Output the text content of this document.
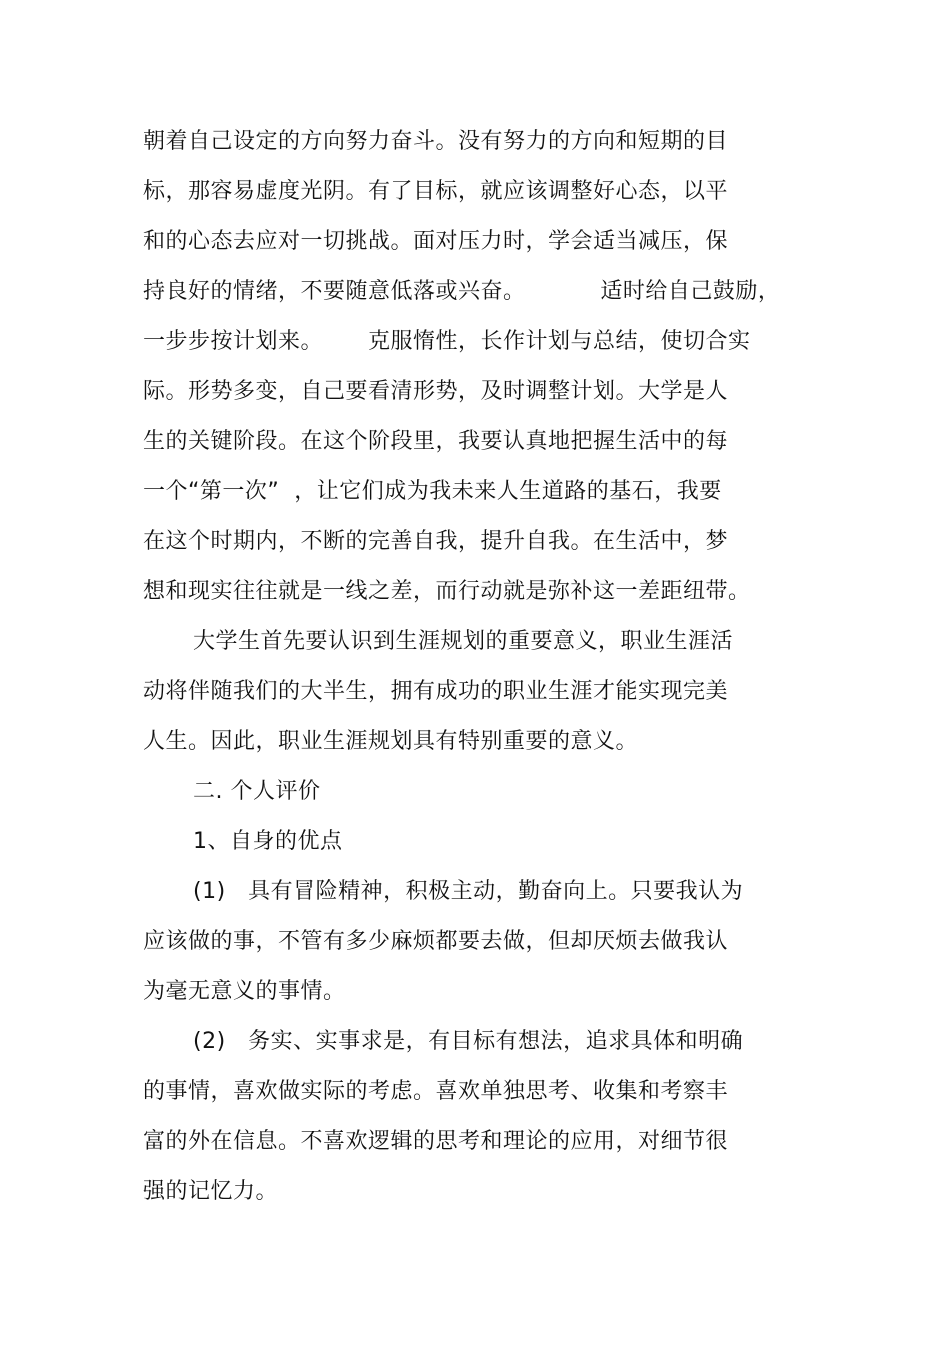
朝着自己设定的方向努力奋斗。没有努力的方向和短期的目
标，那容易虚度光阴。有了目标，就应该调整好心态，以平
和的心态去应对一切挑战。面对压力时，学会适当减压，保
持良好的情绪，不要随意低落或兴奋。          适时给自己鼓励，
一步步按计划来。      克服惰性，长作计划与总结，使切合实
际。形势多变，自己要看清形势，及时调整计划。大学是人
生的关键阶段。在这个阶段里，我要认真地把握生活中的每
一个“第一次”  ，让它们成为我未来人生道路的基石，我要
在这个时期内，不断的完善自我，提升自我。在生活中，梦
想和现实往往就是一线之差，而行动就是弥补这一差距纽带。
大学生首先要认识到生涯规划的重要意义，职业生涯活
动将伴随我们的大半生，拥有成功的职业生涯才能实现完美
人生。因此，职业生涯规划具有特别重要的意义。
二. 个人评价
1、自身的优点
(1)   具有冒险精神，积极主动，勤奋向上。只要我认为
应该做的事，不管有多少麻烦都要去做，但却厌烦去做我认
为毫无意义的事情。
(2)   务实、实事求是，有目标有想法，追求具体和明确
的事情，喜欢做实际的考虑。喜欢单独思考、收集和考察丰
富的外在信息。不喜欢逻辑的思考和理论的应用，对细节很
强的记忆力。
